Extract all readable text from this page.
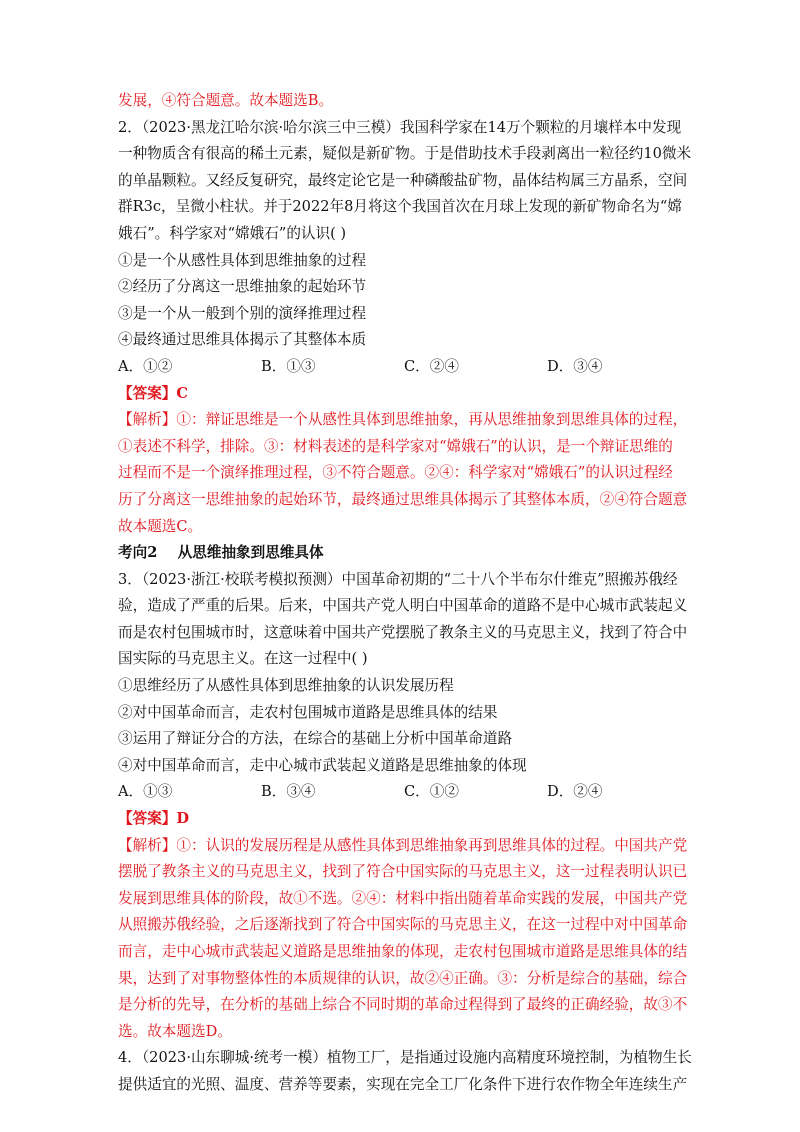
发展，④符合题意。故本题选B。
2．（2023·黑龙江哈尔滨·哈尔滨三中三模）我国科学家在14万个颗粒的月壤样本中发现
一种物质含有很高的稀土元素，疑似是新矿物。于是借助技术手段剥离出一粒径约10微米
的单晶颗粒。又经反复研究，最终定论它是一种磷酸盐矿物，晶体结构属三方晶系，空间
群R3c，呈微小柱状。并于2022年8月将这个我国首次在月球上发现的新矿物命名为“嫦
娥石”。科学家对“嫦娥石”的认识( )
①是一个从感性具体到思维抽象的过程
②经历了分离这一思维抽象的起始环节
③是一个从一般到个别的演绎推理过程
④最终通过思维具体揭示了其整体本质
A．①②	B．①③	C．②④	D．③④
【答案】C
【解析】①：辩证思维是一个从感性具体到思维抽象，再从思维抽象到思维具体的过程，
①表述不科学，排除。③：材料表述的是科学家对“嫦娥石”的认识，是一个辩证思维的
过程而不是一个演绎推理过程，③不符合题意。②④：科学家对“嫦娥石”的认识过程经
历了分离这一思维抽象的起始环节，最终通过思维具体揭示了其整体本质，②④符合题意
故本题选C。
考向2    从思维抽象到思维具体
3．（2023·浙江·校联考模拟预测）中国革命初期的“二十八个半布尔什维克”照搬苏俄经
验，造成了严重的后果。后来，中国共产党人明白中国革命的道路不是中心城市武装起义
而是农村包围城市时，这意味着中国共产党摆脱了教条主义的马克思主义，找到了符合中
国实际的马克思主义。在这一过程中( )
①思维经历了从感性具体到思维抽象的认识发展历程
②对中国革命而言，走农村包围城市道路是思维具体的结果
③运用了辩证分合的方法，在综合的基础上分析中国革命道路
④对中国革命而言，走中心城市武装起义道路是思维抽象的体现
A．①③	B．③④	C．①②	D．②④
【答案】D
【解析】①：认识的发展历程是从感性具体到思维抽象再到思维具体的过程。中国共产党
摆脱了教条主义的马克思主义，找到了符合中国实际的马克思主义，这一过程表明认识已
发展到思维具体的阶段，故①不选。②④：材料中指出随着革命实践的发展，中国共产党
从照搬苏俄经验，之后逐渐找到了符合中国实际的马克思主义，在这一过程中对中国革命
而言，走中心城市武装起义道路是思维抽象的体现，走农村包围城市道路是思维具体的结
果，达到了对事物整体性的本质规律的认识，故②④正确。③：分析是综合的基础，综合
是分析的先导，在分析的基础上综合不同时期的革命过程得到了最终的正确经验，故③不
选。故本题选D。
4．（2023·山东聊城·统考一模）植物工厂，是指通过设施内高精度环境控制，为植物生长
提供适宜的光照、温度、营养等要素，实现在完全工厂化条件下进行农作物全年连续生产
